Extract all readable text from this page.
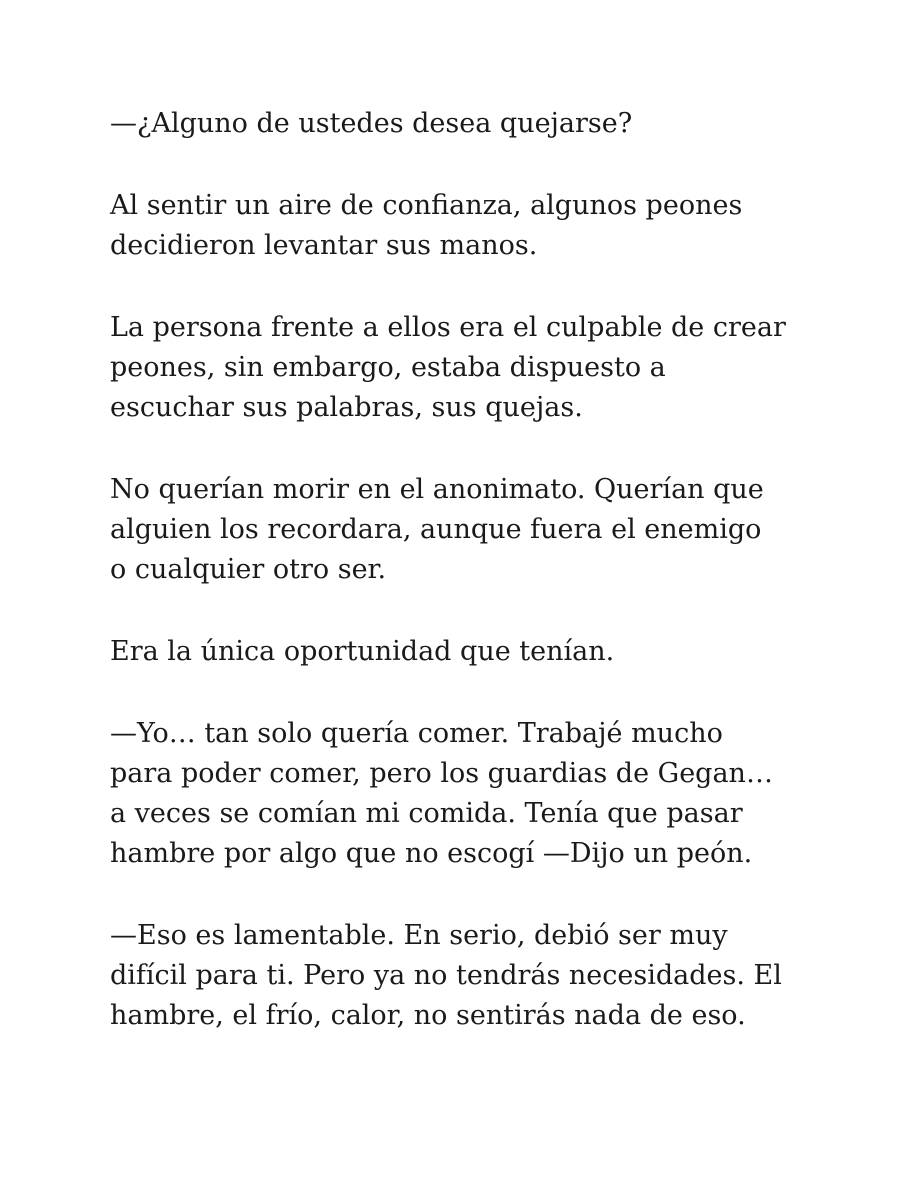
—¿Alguno de ustedes desea quejarse?

Al sentir un aire de confianza, algunos peones
decidieron levantar sus manos.

La persona frente a ellos era el culpable de crear
peones, sin embargo, estaba dispuesto a
escuchar sus palabras, sus quejas.

No querían morir en el anonimato. Querían que
alguien los recordara, aunque fuera el enemigo
o cualquier otro ser.

Era la única oportunidad que tenían.

—Yo… tan solo quería comer. Trabajé mucho
para poder comer, pero los guardias de Gegan…
a veces se comían mi comida. Tenía que pasar
hambre por algo que no escogí —Dijo un peón.

—Eso es lamentable. En serio, debió ser muy
difícil para ti. Pero ya no tendrás necesidades. El
hambre, el frío, calor, no sentirás nada de eso.
